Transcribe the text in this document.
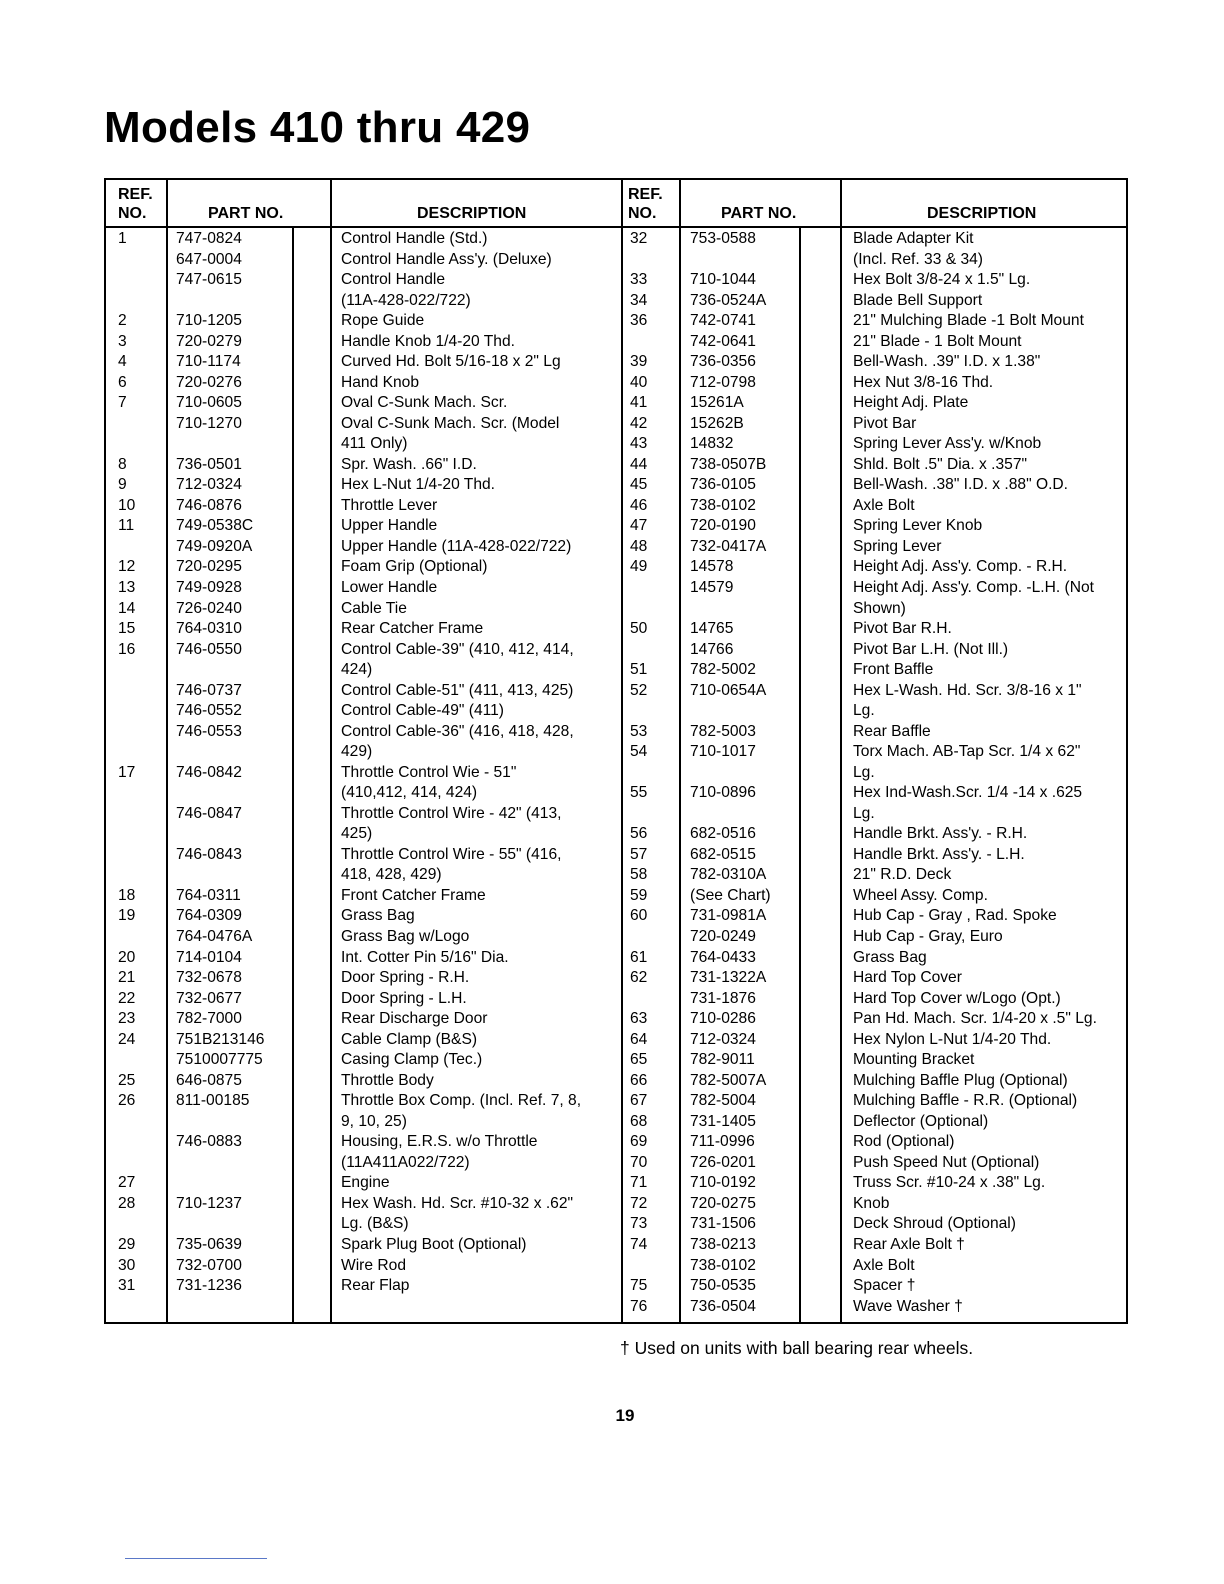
Models 410 thru 429
REF.
NO.	PART NO.	DESCRIPTION
REF.
NO.	PART NO.	DESCRIPTION
1	747-0824	Control Handle (Std.)
647-0004	Control Handle Ass'y. (Deluxe)
747-0615	Control Handle
(11A-428-022/722)
2	710-1205	Rope Guide
3	720-0279	Handle Knob 1/4-20 Thd.
4	710-1174	Curved Hd. Bolt 5/16-18 x 2" Lg
6	720-0276	Hand Knob
7	710-0605	Oval C-Sunk Mach. Scr.
710-1270	Oval C-Sunk Mach. Scr. (Model
411 Only)
8	736-0501	Spr. Wash. .66" I.D.
9	712-0324	Hex L-Nut 1/4-20 Thd.
10	746-0876	Throttle Lever
11	749-0538C	Upper Handle
749-0920A	Upper Handle (11A-428-022/722)
12	720-0295	Foam Grip (Optional)
13	749-0928	Lower Handle
14	726-0240	Cable Tie
15	764-0310	Rear Catcher Frame
16	746-0550	Control Cable-39" (410, 412, 414,
424)
746-0737	Control Cable-51" (411, 413, 425)
746-0552	Control Cable-49" (411)
746-0553	Control Cable-36" (416, 418, 428,
429)
17	746-0842	Throttle Control Wie - 51"
(410,412, 414, 424)
746-0847	Throttle Control Wire - 42" (413,
425)
746-0843	Throttle Control Wire - 55" (416,
418, 428, 429)
18	764-0311	Front Catcher Frame
19	764-0309	Grass Bag
764-0476A	Grass Bag w/Logo
20	714-0104	Int. Cotter Pin 5/16" Dia.
21	732-0678	Door Spring - R.H.
22	732-0677	Door Spring - L.H.
23	782-7000	Rear Discharge Door
24	751B213146	Cable Clamp (B&S)
7510007775	Casing Clamp (Tec.)
25	646-0875	Throttle Body
26	811-00185	Throttle Box Comp. (Incl. Ref. 7, 8,
9, 10, 25)
746-0883	Housing, E.R.S. w/o Throttle
(11A411A022/722)
27	Engine
28	710-1237	Hex Wash. Hd. Scr. #10-32 x .62"
Lg. (B&S)
29	735-0639	Spark Plug Boot (Optional)
30	732-0700	Wire Rod
31	731-1236	Rear Flap
32	753-0588	Blade Adapter Kit
(Incl. Ref. 33 & 34)
33	710-1044	Hex Bolt 3/8-24 x 1.5" Lg.
34	736-0524A	Blade Bell Support
36	742-0741	21" Mulching Blade -1 Bolt Mount
742-0641	21" Blade - 1 Bolt Mount
39	736-0356	Bell-Wash. .39" I.D. x 1.38"
40	712-0798	Hex Nut 3/8-16 Thd.
41	15261A	Height Adj. Plate
42	15262B	Pivot Bar
43	14832	Spring Lever Ass'y. w/Knob
44	738-0507B	Shld. Bolt .5" Dia. x .357"
45	736-0105	Bell-Wash. .38" I.D. x .88" O.D.
46	738-0102	Axle Bolt
47	720-0190	Spring Lever Knob
48	732-0417A	Spring Lever
49	14578	Height Adj. Ass'y. Comp. - R.H.
14579	Height Adj. Ass'y. Comp. -L.H. (Not
Shown)
50	14765	Pivot Bar R.H.
14766	Pivot Bar L.H. (Not Ill.)
51	782-5002	Front Baffle
52	710-0654A	Hex L-Wash. Hd. Scr. 3/8-16 x 1"
Lg.
53	782-5003	Rear Baffle
54	710-1017	Torx Mach. AB-Tap Scr. 1/4 x 62"
Lg.
55	710-0896	Hex Ind-Wash.Scr. 1/4 -14 x .625
Lg.
56	682-0516	Handle Brkt. Ass'y. - R.H.
57	682-0515	Handle Brkt. Ass'y. - L.H.
58	782-0310A	21" R.D. Deck
59	(See Chart)	Wheel Assy. Comp.
60	731-0981A	Hub Cap - Gray , Rad. Spoke
720-0249	Hub Cap - Gray, Euro
61	764-0433	Grass Bag
62	731-1322A	Hard Top Cover
731-1876	Hard Top Cover w/Logo (Opt.)
63	710-0286	Pan Hd. Mach. Scr. 1/4-20 x .5" Lg.
64	712-0324	Hex Nylon L-Nut 1/4-20 Thd.
65	782-9011	Mounting Bracket
66	782-5007A	Mulching Baffle Plug (Optional)
67	782-5004	Mulching Baffle - R.R. (Optional)
68	731-1405	Deflector (Optional)
69	711-0996	Rod (Optional)
70	726-0201	Push Speed Nut (Optional)
71	710-0192	Truss Scr. #10-24 x .38" Lg.
72	720-0275	Knob
73	731-1506	Deck Shroud (Optional)
74	738-0213	Rear Axle Bolt †
738-0102	Axle Bolt
75	750-0535	Spacer †
76	736-0504	Wave Washer †

† Used on units with ball bearing rear wheels.

19
